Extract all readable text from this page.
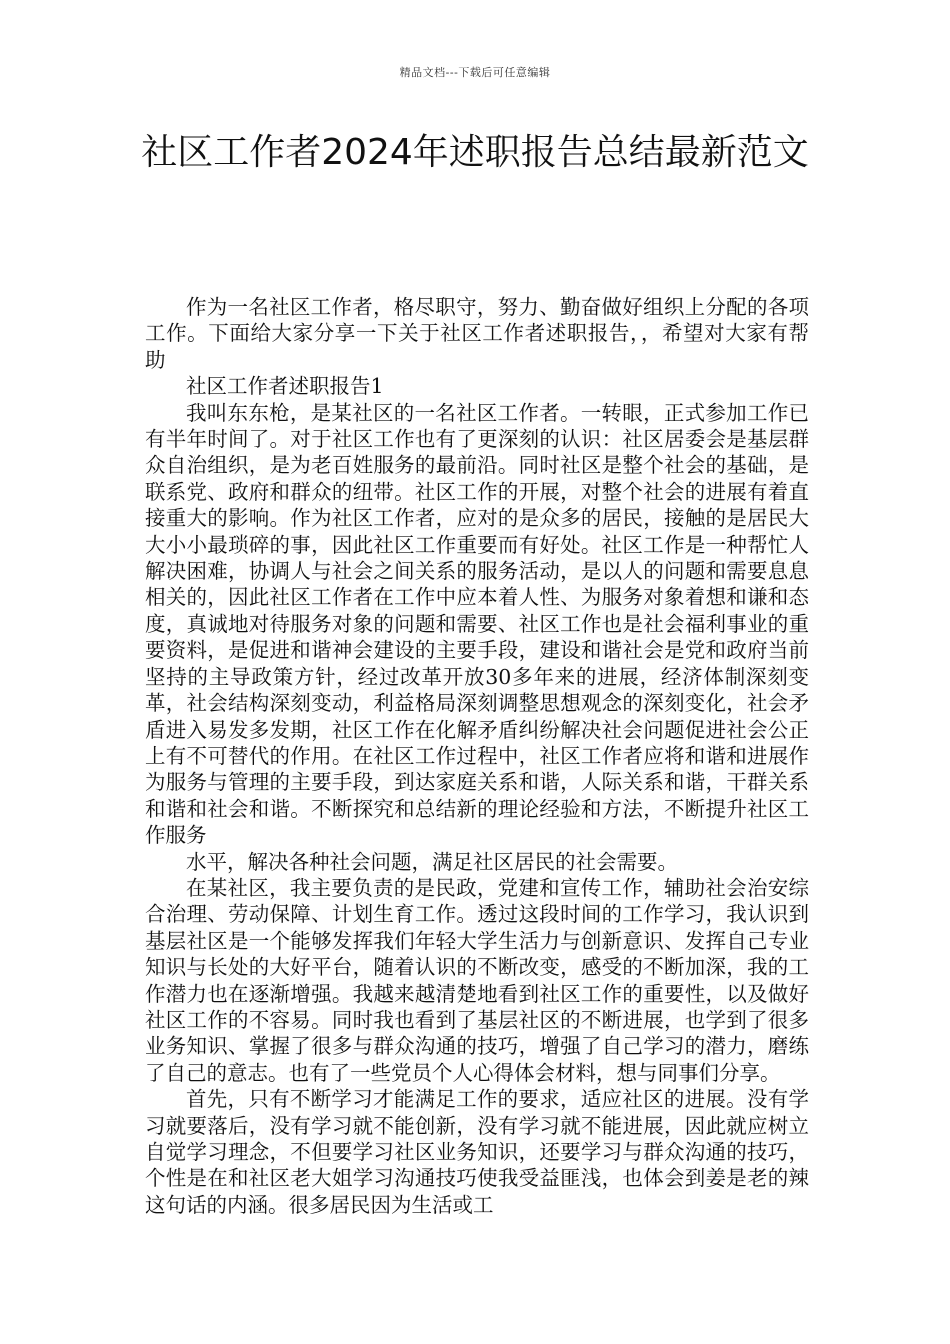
精品文档---下载后可任意编辑
社区工作者2024年述职报告总结最新范文

作为一名社区工作者，格尽职守，努力、勤奋做好组织上分配的各项工作。下面给大家分享一下关于社区工作者述职报告，，希望对大家有帮助

社区工作者述职报告1

我叫东东枪，是某社区的一名社区工作者。一转眼，正式参加工作已有半年时间了。对于社区工作也有了更深刻的认识：社区居委会是基层群众自治组织，是为老百姓服务的最前沿。同时社区是整个社会的基础，是联系党、政府和群众的纽带。社区工作的开展，对整个社会的进展有着直接重大的影响。作为社区工作者，应对的是众多的居民，接触的是居民大大小小最琐碎的事，因此社区工作重要而有好处。社区工作是一种帮忙人解决困难，协调人与社会之间关系的服务活动，是以人的问题和需要息息相关的，因此社区工作者在工作中应本着人性、为服务对象着想和谦和态度，真诚地对待服务对象的问题和需要、社区工作也是社会福利事业的重要资料，是促进和谐神会建设的主要手段，建设和谐社会是党和政府当前坚持的主导政策方针，经过改革开放30多年来的进展，经济体制深刻变革，社会结构深刻变动，利益格局深刻调整思想观念的深刻变化，社会矛盾进入易发多发期，社区工作在化解矛盾纠纷解决社会问题促进社会公正上有不可替代的作用。在社区工作过程中，社区工作者应将和谐和进展作为服务与管理的主要手段，到达家庭关系和谐，人际关系和谐，干群关系和谐和社会和谐。不断探究和总结新的理论经验和方法，不断提升社区工作服务

水平，解决各种社会问题，满足社区居民的社会需要。

在某社区，我主要负责的是民政，党建和宣传工作，辅助社会治安综合治理、劳动保障、计划生育工作。透过这段时间的工作学习，我认识到基层社区是一个能够发挥我们年轻大学生活力与创新意识、发挥自己专业知识与长处的大好平台，随着认识的不断改变，感受的不断加深，我的工作潜力也在逐渐增强。我越来越清楚地看到社区工作的重要性，以及做好社区工作的不容易。同时我也看到了基层社区的不断进展，也学到了很多业务知识、掌握了很多与群众沟通的技巧，增强了自己学习的潜力，磨练了自己的意志。也有了一些党员个人心得体会材料，想与同事们分享。

首先，只有不断学习才能满足工作的要求，适应社区的进展。没有学习就要落后，没有学习就不能创新，没有学习就不能进展，因此就应树立自觉学习理念，不但要学习社区业务知识，还要学习与群众沟通的技巧，个性是在和社区老大姐学习沟通技巧使我受益匪浅，也体会到姜是老的辣这句话的内涵。很多居民因为生活或工
